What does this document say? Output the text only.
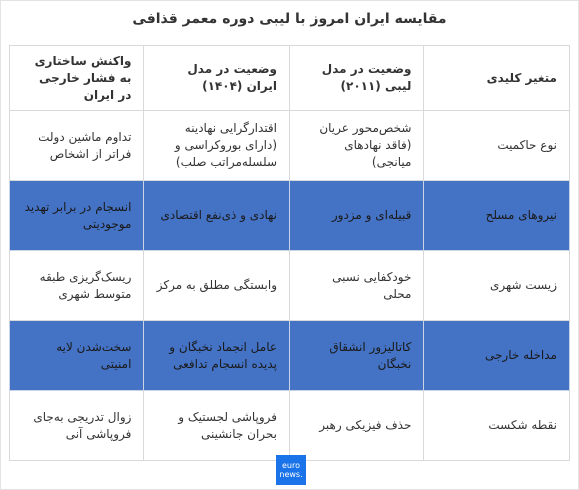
مقایسه ایران امروز با لیبی دوره معمر قذافی
متغیر کلیدی	وضعیت در مدل لیبی (۲۰۱۱)	وضعیت در مدل ایران (۱۴۰۴)	واکنش ساختاری به فشار خارجی در ایران
نوع حاکمیت	شخص‌محور عریان (فاقد نهادهای میانجی)	اقتدارگرایی نهادینه (دارای بوروکراسی و سلسله‌مراتب صلب)	تداوم ماشین دولت فراتر از اشخاص
نیروهای مسلح	قبیله‌ای و مزدور	نهادی و ذی‌نفع اقتصادی	انسجام در برابر تهدید موجودیتی
زیست شهری	خودکفایی نسبی محلی	وابستگی مطلق به مرکز	ریسک‌گریزی طبقه متوسط شهری
مداخله خارجی	کاتالیزور انشقاق نخبگان	عامل انجماد نخبگان و پدیده انسجام تدافعی	سخت‌شدن لایه امنیتی
نقطه شکست	حذف فیزیکی رهبر	فروپاشی لجستیک و بحران جانشینی	زوال تدریجی به‌جای فروپاشی آنی
euro
news.
